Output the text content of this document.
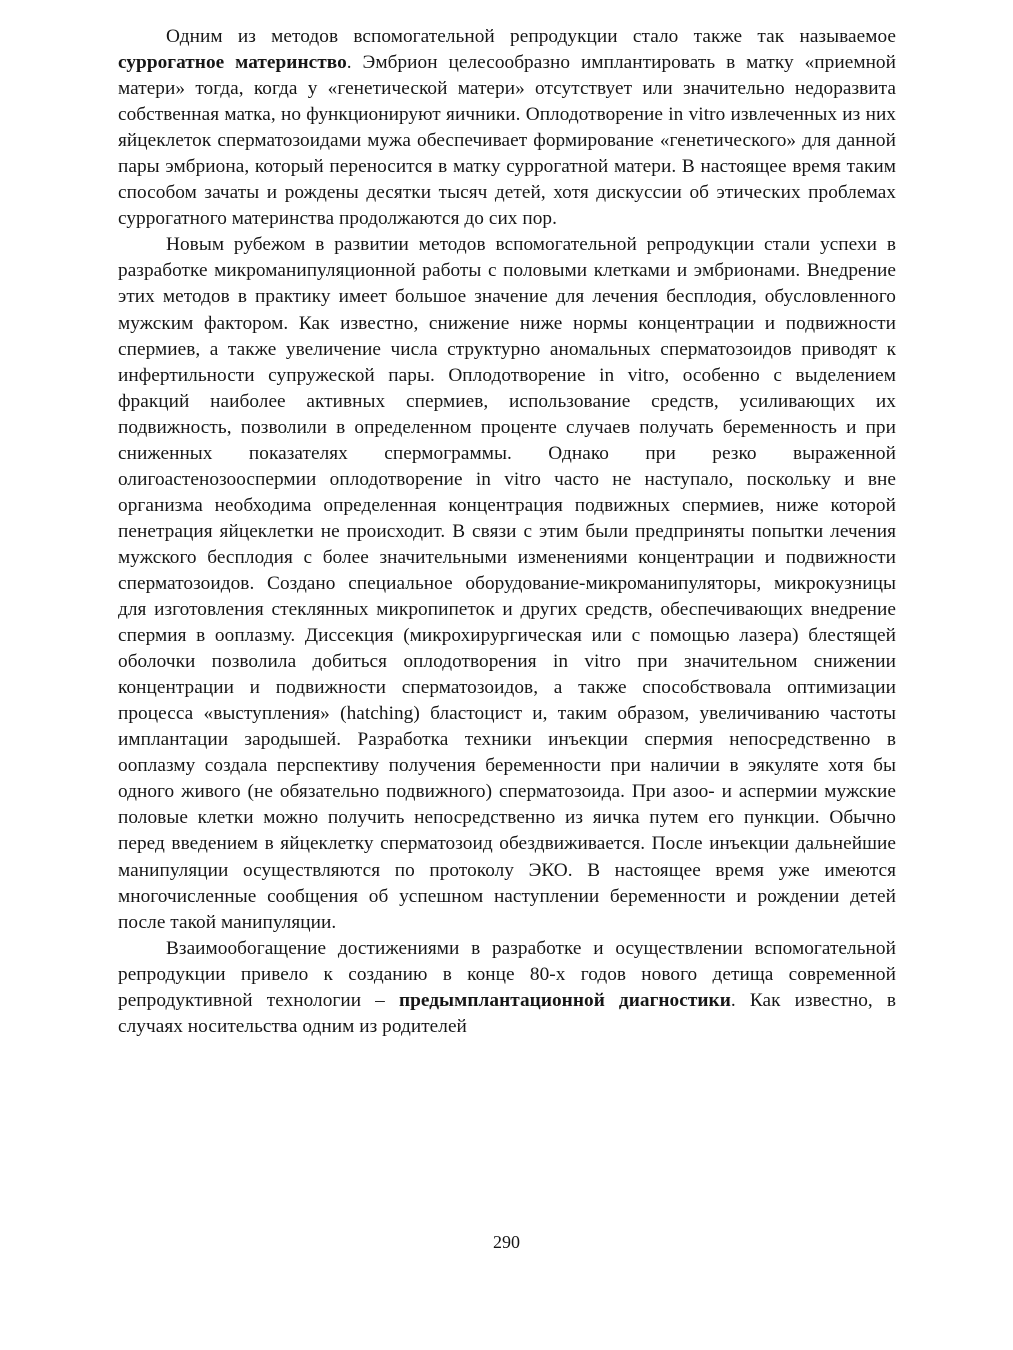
Одним из методов вспомогательной репродукции стало также так называемое суррогатное материнство. Эмбрион целесообразно имплантировать в матку «приемной матери» тогда, когда у «генетической матери» отсутствует или значительно недоразвита собственная матка, но функционируют яичники. Оплодотворение in vitro извлеченных из них яйцеклеток сперматозоидами мужа обеспечивает формирование «генетического» для данной пары эмбриона, который переносится в матку суррогатной матери. В настоящее время таким способом зачаты и рождены десятки тысяч детей, хотя дискуссии об этических проблемах суррогатного материнства продолжаются до сих пор.

Новым рубежом в развитии методов вспомогательной репродукции стали успехи в разработке микроманипуляционной работы с половыми клетками и эмбрионами. Внедрение этих методов в практику имеет большое значение для лечения бесплодия, обусловленного мужским фактором. Как известно, снижение ниже нормы концентрации и подвижности спермиев, а также увеличение числа структурно аномальных сперматозоидов приводят к инфертильности супружеской пары. Оплодотворение in vitro, особенно с выделением фракций наиболее активных спермиев, использование средств, усиливающих их подвижность, позволили в определенном проценте случаев получать беременность и при сниженных показателях спермограммы. Однако при резко выраженной олигоастенозооспермии оплодотворение in vitro часто не наступало, поскольку и вне организма необходима определенная концентрация подвижных спермиев, ниже которой пенетрация яйцеклетки не происходит. В связи с этим были предприняты попытки лечения мужского бесплодия с более значительными изменениями концентрации и подвижности сперматозоидов. Создано специальное оборудование-микроманипуляторы, микрокузницы для изготовления стеклянных микропипеток и других средств, обеспечивающих внедрение спермия в ооплазму. Диссекция (микрохирургическая или с помощью лазера) блестящей оболочки позволила добиться оплодотворения in vitro при значительном снижении концентрации и подвижности сперматозоидов, а также способствовала оптимизации процесса «выступления» (hatching) бластоцист и, таким образом, увеличиванию частоты имплантации зародышей. Разработка техники инъекции спермия непосредственно в ооплазму создала перспективу получения беременности при наличии в эякуляте хотя бы одного живого (не обязательно подвижного) сперматозоида. При азоо- и аспермии мужские половые клетки можно получить непосредственно из яичка путем его пункции. Обычно перед введением в яйцеклетку сперматозоид обездвиживается. После инъекции дальнейшие манипуляции осуществляются по протоколу ЭКО. В настоящее время уже имеются многочисленные сообщения об успешном наступлении беременности и рождении детей после такой манипуляции.

Взаимообогащение достижениями в разработке и осуществлении вспомогательной репродукции привело к созданию в конце 80-х годов нового детища современной репродуктивной технологии – предымплантационной диагностики. Как известно, в случаях носительства одним из родителей

290
